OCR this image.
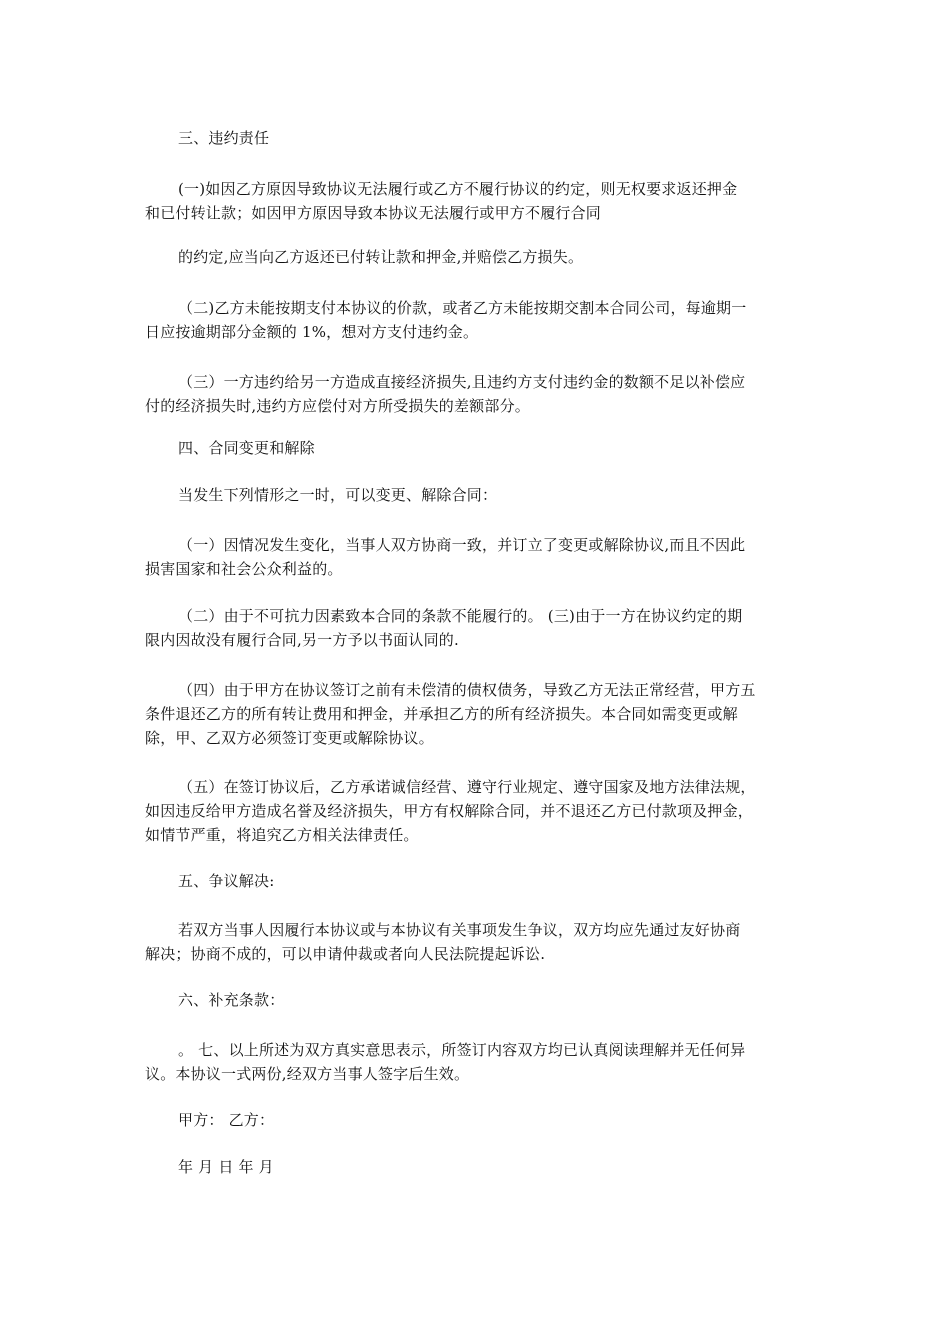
三、违约责任
(一)如因乙方原因导致协议无法履行或乙方不履行协议的约定，则无权要求返还押金
和已付转让款；如因甲方原因导致本协议无法履行或甲方不履行合同
的约定,应当向乙方返还已付转让款和押金,并赔偿乙方损失。
（二)乙方未能按期支付本协议的价款，或者乙方未能按期交割本合同公司，每逾期一
日应按逾期部分金额的 1%，想对方支付违约金。
（三）一方违约给另一方造成直接经济损失,且违约方支付违约金的数额不足以补偿应
付的经济损失时,违约方应偿付对方所受损失的差额部分。
四、合同变更和解除
当发生下列情形之一时，可以变更、解除合同：
（一）因情况发生变化，当事人双方协商一致，并订立了变更或解除协议,而且不因此
损害国家和社会公众利益的。
（二）由于不可抗力因素致本合同的条款不能履行的。 (三)由于一方在协议约定的期
限内因故没有履行合同,另一方予以书面认同的.
（四）由于甲方在协议签订之前有未偿清的债权债务，导致乙方无法正常经营，甲方五
条件退还乙方的所有转让费用和押金，并承担乙方的所有经济损失。本合同如需变更或解
除，甲、乙双方必须签订变更或解除协议。
（五）在签订协议后，乙方承诺诚信经营、遵守行业规定、遵守国家及地方法律法规，
如因违反给甲方造成名誉及经济损失，甲方有权解除合同，并不退还乙方已付款项及押金，
如情节严重，将追究乙方相关法律责任。
五、争议解决:
若双方当事人因履行本协议或与本协议有关事项发生争议，双方均应先通过友好协商
解决；协商不成的，可以申请仲裁或者向人民法院提起诉讼.
六、补充条款：
。 七、以上所述为双方真实意思表示，所签订内容双方均已认真阅读理解并无任何异
议。本协议一式两份,经双方当事人签字后生效。
甲方： 乙方：
年 月 日 年 月
